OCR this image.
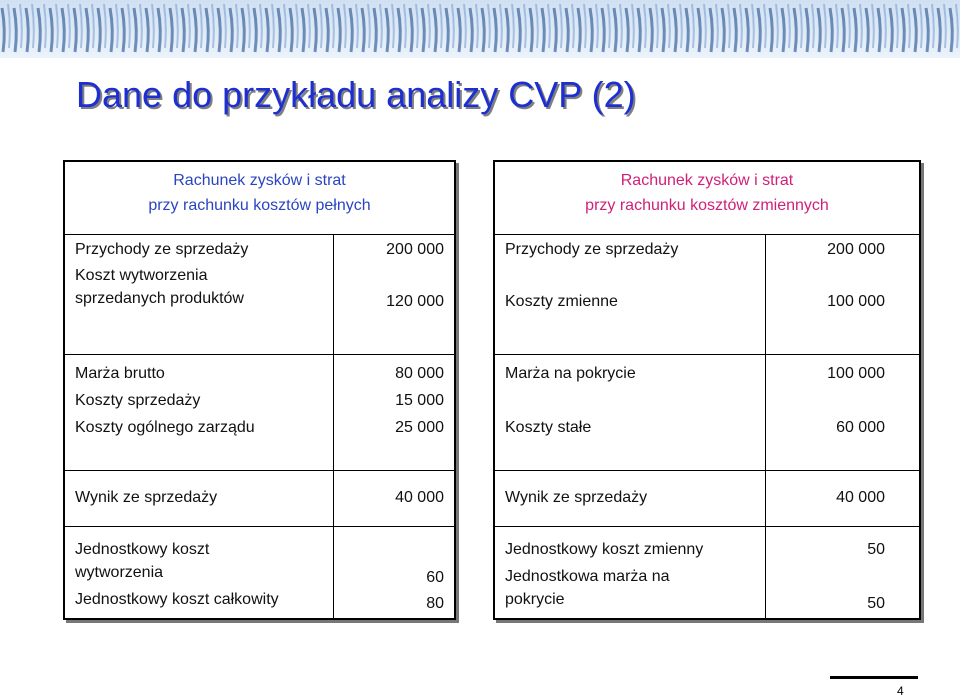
Dane do przykładu analizy CVP (2)
Rachunek zysków i strat
przy rachunku kosztów pełnych
Przychody ze sprzedaży
Koszt wytworzenia
sprzedanych produktów
200 000
120 000
Marża brutto
Koszty sprzedaży
Koszty ogólnego zarządu
80 000
15 000
25 000
Wynik ze sprzedaży	40 000
Jednostkowy koszt
wytworzenia
Jednostkowy koszt całkowity
60
80
Rachunek zysków i strat
przy rachunku kosztów zmiennych
Przychody ze sprzedaży
Koszty zmienne
200 000
100 000
Marża na pokrycie
Koszty stałe
100 000
60 000
Wynik ze sprzedaży	40 000
Jednostkowy koszt zmienny
Jednostkowa marża na
pokrycie
50
50
4
